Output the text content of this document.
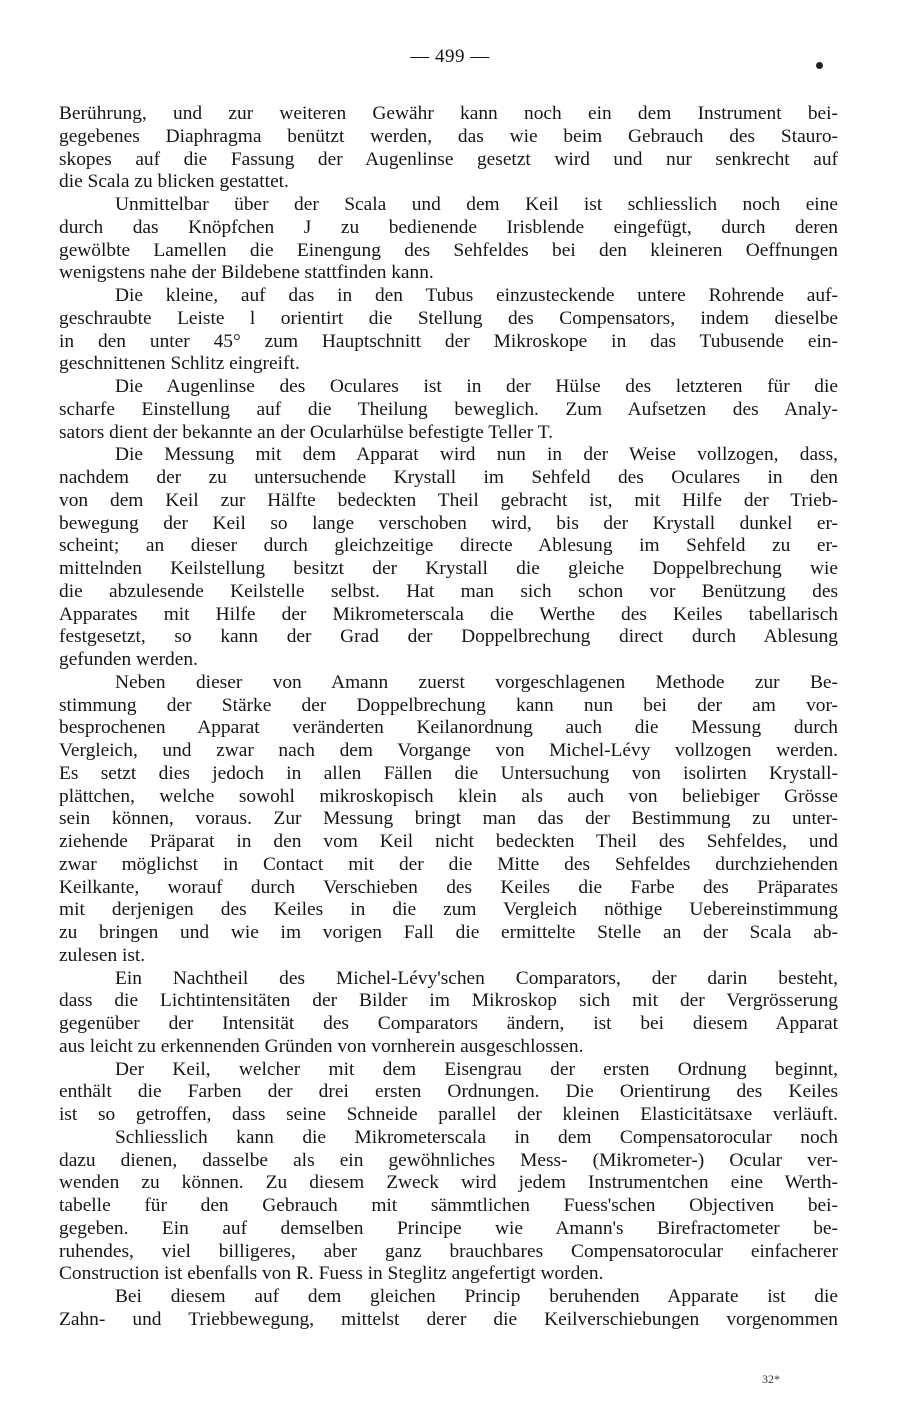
— 499 —
Berührung, und zur weiteren Gewähr kann noch ein dem Instrument bei-
gegebenes Diaphragma benützt werden, das wie beim Gebrauch des Stauro-
skopes auf die Fassung der Augenlinse gesetzt wird und nur senkrecht auf
die Scala zu blicken gestattet.
Unmittelbar über der Scala und dem Keil ist schliesslich noch eine
durch das Knöpfchen J zu bedienende Irisblende eingefügt, durch deren
gewölbte Lamellen die Einengung des Sehfeldes bei den kleineren Oeffnungen
wenigstens nahe der Bildebene stattfinden kann.
Die kleine, auf das in den Tubus einzusteckende untere Rohrende auf-
geschraubte Leiste l orientirt die Stellung des Compensators, indem dieselbe
in den unter 45° zum Hauptschnitt der Mikroskope in das Tubusende ein-
geschnittenen Schlitz eingreift.
Die Augenlinse des Oculares ist in der Hülse des letzteren für die
scharfe Einstellung auf die Theilung beweglich. Zum Aufsetzen des Analy-
sators dient der bekannte an der Ocularhülse befestigte Teller T.
Die Messung mit dem Apparat wird nun in der Weise vollzogen, dass,
nachdem der zu untersuchende Krystall im Sehfeld des Oculares in den
von dem Keil zur Hälfte bedeckten Theil gebracht ist, mit Hilfe der Trieb-
bewegung der Keil so lange verschoben wird, bis der Krystall dunkel er-
scheint; an dieser durch gleichzeitige directe Ablesung im Sehfeld zu er-
mittelnden Keilstellung besitzt der Krystall die gleiche Doppelbrechung wie
die abzulesende Keilstelle selbst. Hat man sich schon vor Benützung des
Apparates mit Hilfe der Mikrometerscala die Werthe des Keiles tabellarisch
festgesetzt, so kann der Grad der Doppelbrechung direct durch Ablesung
gefunden werden.
Neben dieser von Amann zuerst vorgeschlagenen Methode zur Be-
stimmung der Stärke der Doppelbrechung kann nun bei der am vor-
besprochenen Apparat veränderten Keilanordnung auch die Messung durch
Vergleich, und zwar nach dem Vorgange von Michel-Lévy vollzogen werden.
Es setzt dies jedoch in allen Fällen die Untersuchung von isolirten Krystall-
plättchen, welche sowohl mikroskopisch klein als auch von beliebiger Grösse
sein können, voraus. Zur Messung bringt man das der Bestimmung zu unter-
ziehende Präparat in den vom Keil nicht bedeckten Theil des Sehfeldes, und
zwar möglichst in Contact mit der die Mitte des Sehfeldes durchziehenden
Keilkante, worauf durch Verschieben des Keiles die Farbe des Präparates
mit derjenigen des Keiles in die zum Vergleich nöthige Uebereinstimmung
zu bringen und wie im vorigen Fall die ermittelte Stelle an der Scala ab-
zulesen ist.
Ein Nachtheil des Michel-Lévy'schen Comparators, der darin besteht,
dass die Lichtintensitäten der Bilder im Mikroskop sich mit der Vergrösserung
gegenüber der Intensität des Comparators ändern, ist bei diesem Apparat
aus leicht zu erkennenden Gründen von vornherein ausgeschlossen.
Der Keil, welcher mit dem Eisengrau der ersten Ordnung beginnt,
enthält die Farben der drei ersten Ordnungen. Die Orientirung des Keiles
ist so getroffen, dass seine Schneide parallel der kleinen Elasticitätsaxe verläuft.
Schliesslich kann die Mikrometerscala in dem Compensatorocular noch
dazu dienen, dasselbe als ein gewöhnliches Mess- (Mikrometer-) Ocular ver-
wenden zu können. Zu diesem Zweck wird jedem Instrumentchen eine Werth-
tabelle für den Gebrauch mit sämmtlichen Fuess'schen Objectiven bei-
gegeben. Ein auf demselben Principe wie Amann's Birefractometer be-
ruhendes, viel billigeres, aber ganz brauchbares Compensatorocular einfacherer
Construction ist ebenfalls von R. Fuess in Steglitz angefertigt worden.
Bei diesem auf dem gleichen Princip beruhenden Apparate ist die
Zahn- und Triebbewegung, mittelst derer die Keilverschiebungen vorgenommen
32*
